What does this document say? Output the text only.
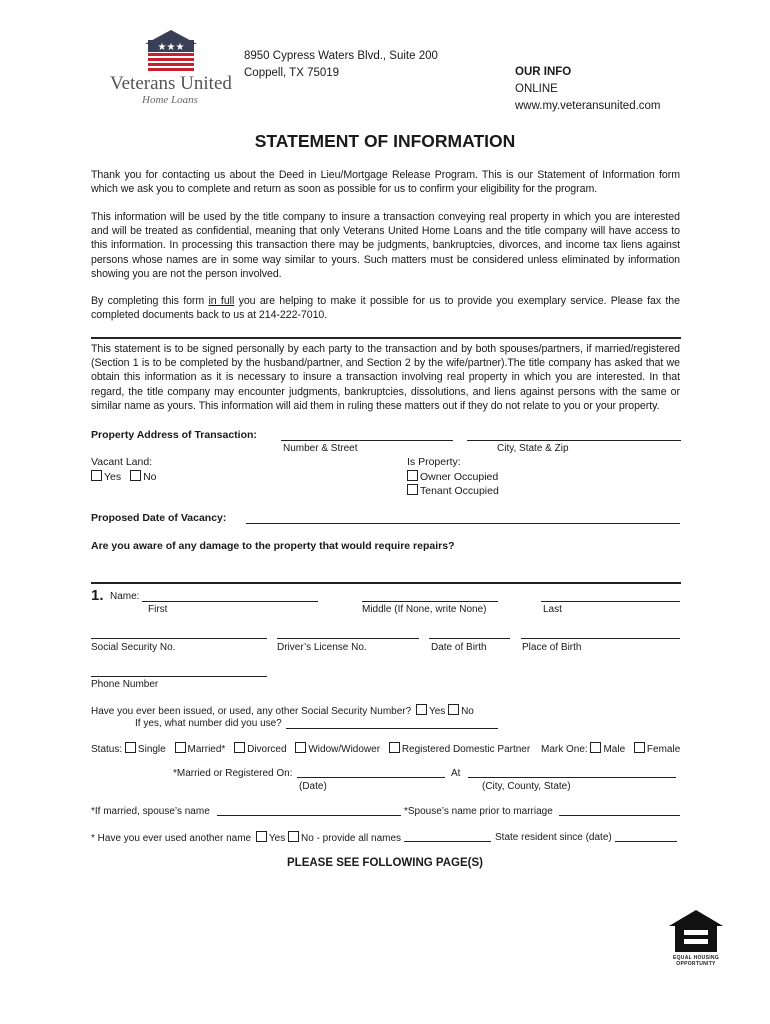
★★★
Veterans United
Home Loans
8950 Cypress Waters Blvd., Suite 200
Coppell, TX 75019	OUR INFO
ONLINE
www.my.veteransunited.com
STATEMENT OF INFORMATION
Thank you for contacting us about the Deed in Lieu/Mortgage Release Program. This is our Statement of Information form which we ask you to complete and return as soon as possible for us to confirm your eligibility for the program.
This information will be used by the title company to insure a transaction conveying real property in which you are interested and will be treated as confidential, meaning that only Veterans United Home Loans and the title company will have access to this information. In processing this transaction there may be judgments, bankruptcies, divorces, and income tax liens against persons whose names are in some way similar to yours. Such matters must be considered unless eliminated by information showing you are not the person involved.
By completing this form in full you are helping to make it possible for us to provide you exemplary service. Please fax the completed documents back to us at 214-222-7010.
This statement is to be signed personally by each party to the transaction and by both spouses/partners, if married/registered (Section 1 is to be completed by the husband/partner, and Section 2 by the wife/partner).The title company has asked that we obtain this information as it is necessary to insure a transaction involving real property in which you are interested. In that regard, the title company may encounter judgments, bankruptcies, dissolutions, and liens against persons with the same or similar name as yours. This information will aid them in ruling these matters out if they do not relate to you or your property.
Property Address of Transaction:
Number & Street	City, State & Zip
Vacant Land:
Yes No
Is Property:
Owner Occupied
Tenant Occupied
Proposed Date of Vacancy:
Are you aware of any damage to the property that would require repairs?
1. Name:
First	Middle (If None, write None)	Last
Social Security No.	Driver’s License No.	Date of Birth	Place of Birth
Phone Number
Have you ever been issued, or used, any other Social Security Number? Yes No
If yes, what number did you use?
Status: Single Married* Divorced Widow/Widower Registered Domestic Partner Mark One: Male Female
*Married or Registered On:	At
(Date)	(City, County, State)
*If married, spouse’s name	*Spouse’s name prior to marriage
* Have you ever used another name Yes No - provide all names	State resident since (date)
PLEASE SEE FOLLOWING PAGE(S)
EQUAL HOUSING OPPORTUNITY
